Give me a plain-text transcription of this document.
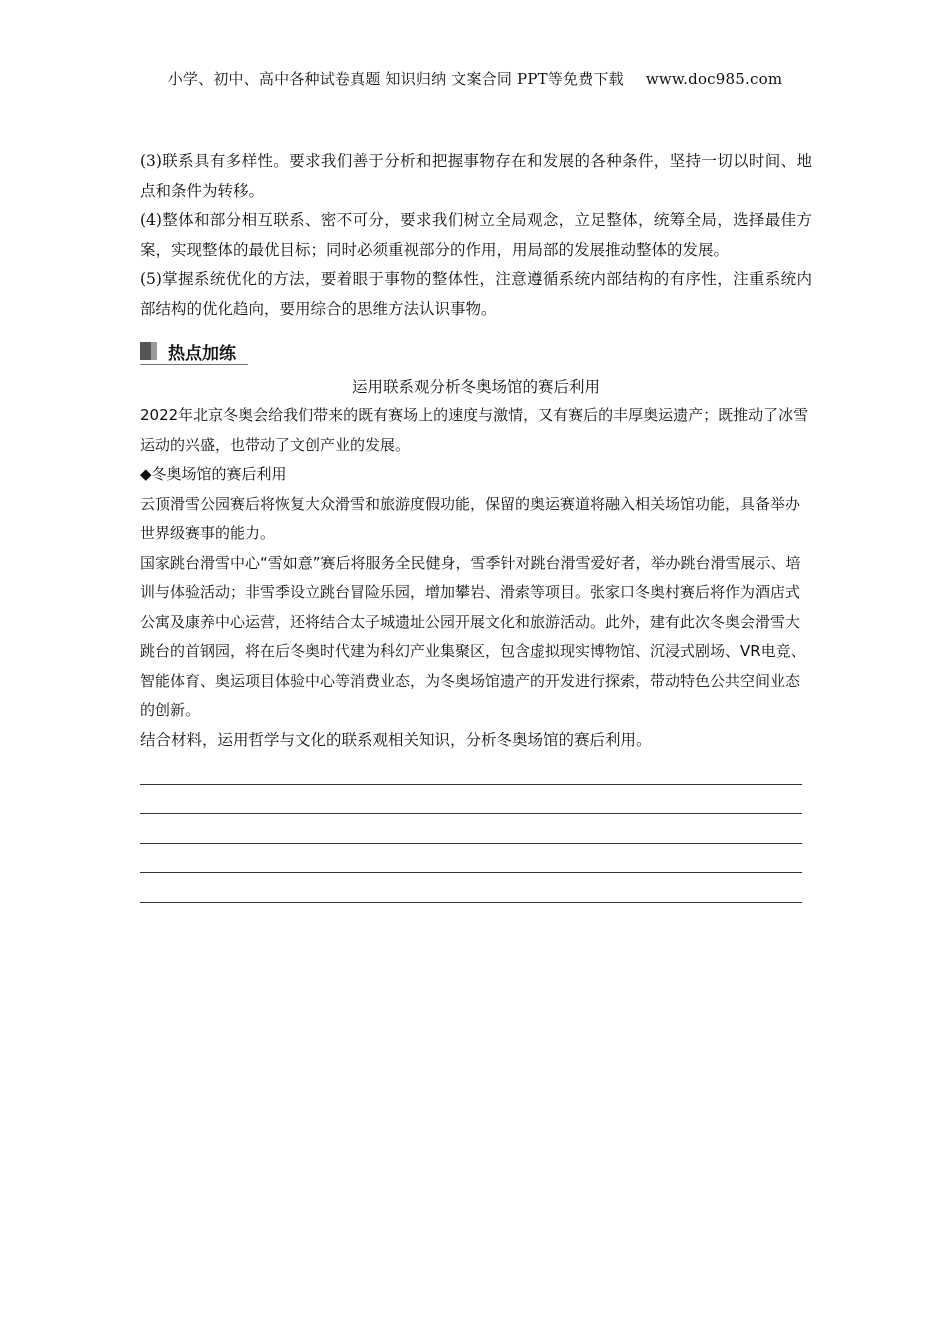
小学、初中、高中各种试卷真题 知识归纳 文案合同 PPT等免费下载 www.doc985.com

(3)联系具有多样性。要求我们善于分析和把握事物存在和发展的各种条件，坚持一切以时间、地点和条件为转移。

(4)整体和部分相互联系、密不可分，要求我们树立全局观念，立足整体，统筹全局，选择最佳方案，实现整体的最优目标；同时必须重视部分的作用，用局部的发展推动整体的发展。

(5)掌握系统优化的方法，要着眼于事物的整体性，注意遵循系统内部结构的有序性，注重系统内部结构的优化趋向，要用综合的思维方法认识事物。

热点加练

运用联系观分析冬奥场馆的赛后利用

2022年北京冬奥会给我们带来的既有赛场上的速度与激情，又有赛后的丰厚奥运遗产；既推动了冰雪运动的兴盛，也带动了文创产业的发展。

◆冬奥场馆的赛后利用

云顶滑雪公园赛后将恢复大众滑雪和旅游度假功能，保留的奥运赛道将融入相关场馆功能，具备举办世界级赛事的能力。

国家跳台滑雪中心“雪如意”赛后将服务全民健身，雪季针对跳台滑雪爱好者，举办跳台滑雪展示、培训与体验活动；非雪季设立跳台冒险乐园，增加攀岩、滑索等项目。张家口冬奥村赛后将作为酒店式公寓及康养中心运营，还将结合太子城遗址公园开展文化和旅游活动。此外，建有此次冬奥会滑雪大跳台的首钢园，将在后冬奥时代建为科幻产业集聚区，包含虚拟现实博物馆、沉浸式剧场、VR电竞、智能体育、奥运项目体验中心等消费业态，为冬奥场馆遗产的开发进行探索，带动特色公共空间业态的创新。

结合材料，运用哲学与文化的联系观相关知识，分析冬奥场馆的赛后利用。
